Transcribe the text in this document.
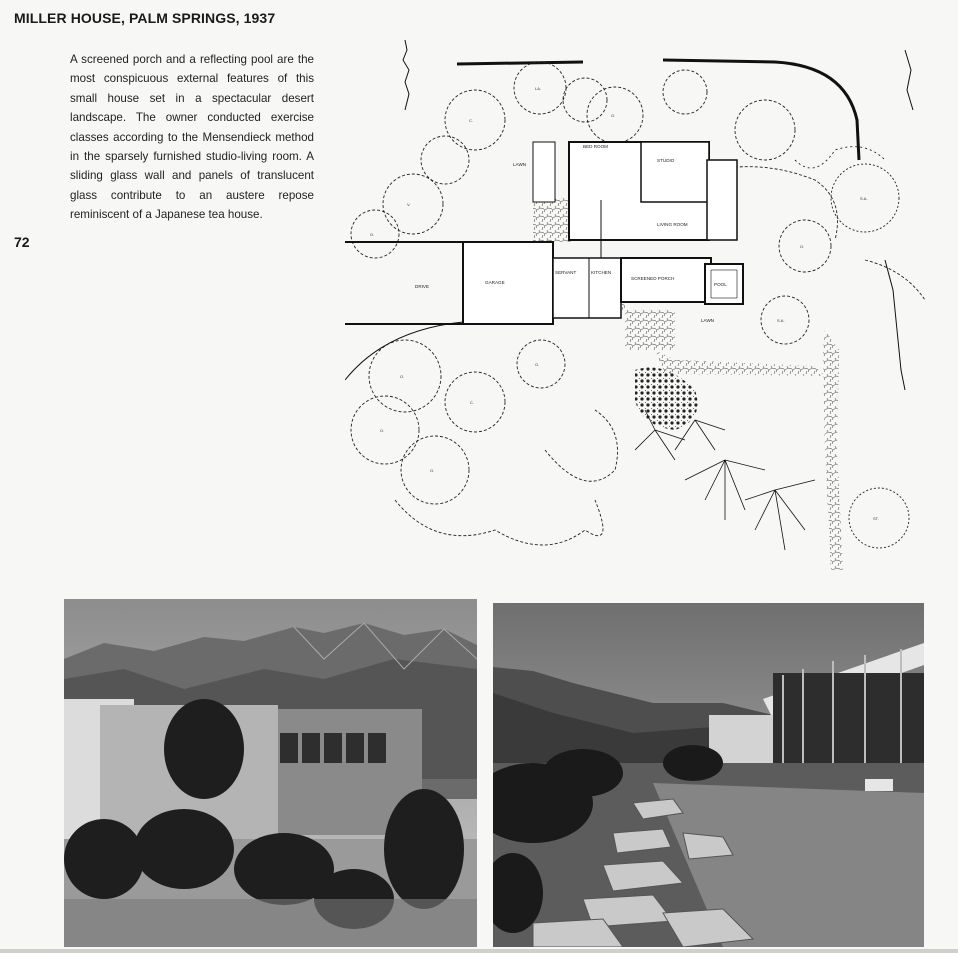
MILLER HOUSE, PALM SPRINGS, 1937

A screened porch and a reflecting pool are the most conspicuous external features of this small house set in a spectacular desert landscape. The owner conducted exercise classes according to the Mensendieck method in the sparsely furnished studio-living room. A sliding glass wall and panels of translucent glass contribute to an austere repose reminiscent of a Japanese tea house.

72	O.
V.
C.
LA.
O.
S.A.
O.
O.
C.
O.
O.
ST.
O.
S.A.
BED ROOM
STUDIO
LIVING ROOM
GARAGE
DRIVE
SCREENED PORCH
POOL
LAWN
LAWN
KITCHEN
SERVANT
